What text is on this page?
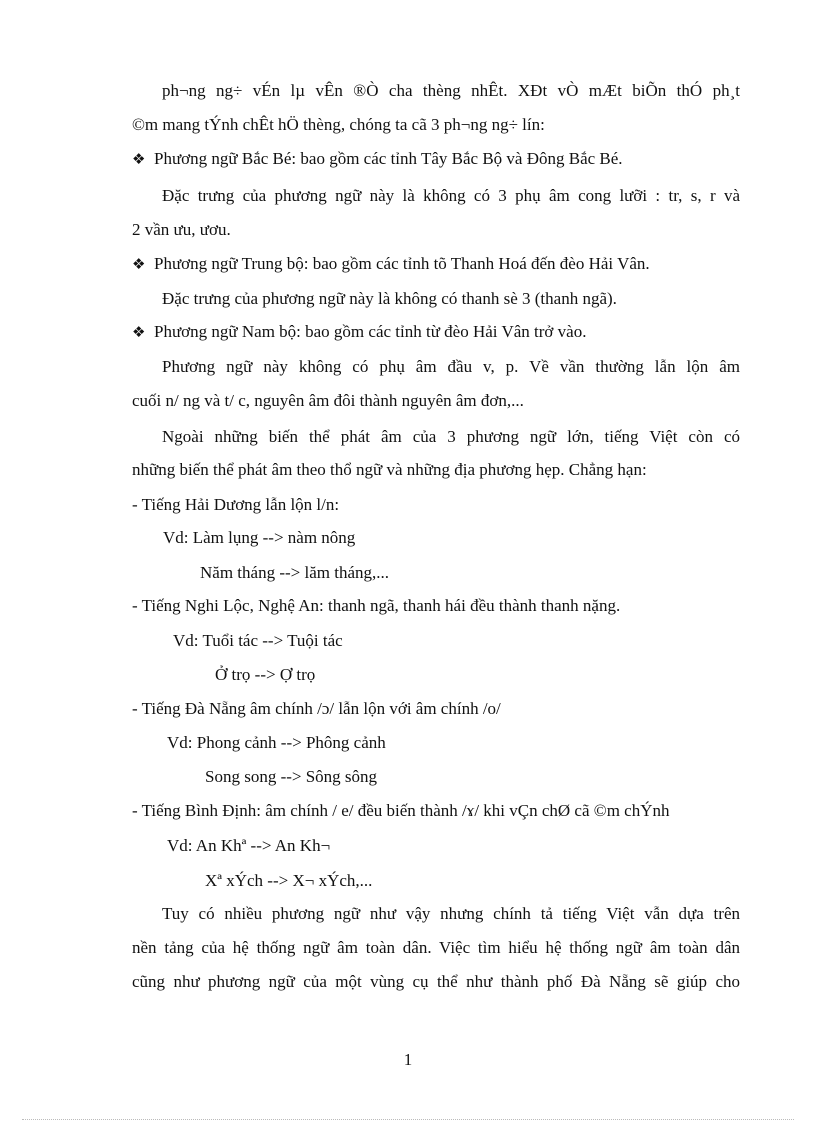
ph¬ng ng÷ vÉn lµ vÊn ®Ò cha thèng nhÊt. XÐt vÒ mÆt biÕn thÓ ph¸t
©m mang tÝnh chÊt hÖ thèng, chóng ta cã 3 ph¬ng ng÷ lín:
❖ Phương ngữ Bắc Bé: bao gồm các tỉnh Tây Bắc Bộ và Đông Bắc Bé.
Đặc trưng của phương ngữ này là không có 3 phụ âm cong lưỡi : tr, s, r và
2 vần ưu, ươu.
❖ Phương ngữ Trung bộ: bao gồm các tỉnh tõ Thanh Hoá đến đèo Hải Vân.
Đặc trưng của phương ngữ này là không có thanh sè 3 (thanh ngã).
❖ Phương ngữ Nam bộ: bao gồm các tỉnh từ đèo Hải Vân trở vào.
Phương ngữ này không có phụ âm đầu v, p. Về vần thường lẫn lộn âm
cuối n/ ng và t/ c, nguyên âm đôi thành nguyên âm đơn,...
Ngoài những biến thể phát âm của 3 phương ngữ lớn, tiếng Việt còn có
những biến thể phát âm theo thổ ngữ và những địa phương hẹp. Chẳng hạn:
- Tiếng Hải Dương lẫn lộn l/n:
Vd: Làm lụng --> nàm nông
Năm tháng --> lăm tháng,...
- Tiếng Nghi Lộc, Nghệ An: thanh ngã, thanh hái đều thành thanh nặng.
Vd: Tuổi tác --> Tuội tác
Ở trọ --> Ợ trọ
- Tiếng Đà Nẵng âm chính /ɔ/ lẫn lộn với âm chính /o/
Vd: Phong cảnh --> Phông cảnh
Song song --> Sông sông
- Tiếng Bình Định: âm chính / e/ đều biến thành /ɤ/ khi vÇn chØ cã ©m chÝnh
Vd: An Khª --> An Kh¬
Xª xÝch --> X¬ xÝch,...
Tuy có nhiều phương ngữ như vậy nhưng chính tả tiếng Việt vẫn dựa trên
nền tảng của hệ thống ngữ âm toàn dân. Việc tìm hiểu hệ thống ngữ âm toàn dân
cũng như phương ngữ của một vùng cụ thể như thành phố Đà Nẵng sẽ giúp cho
1
